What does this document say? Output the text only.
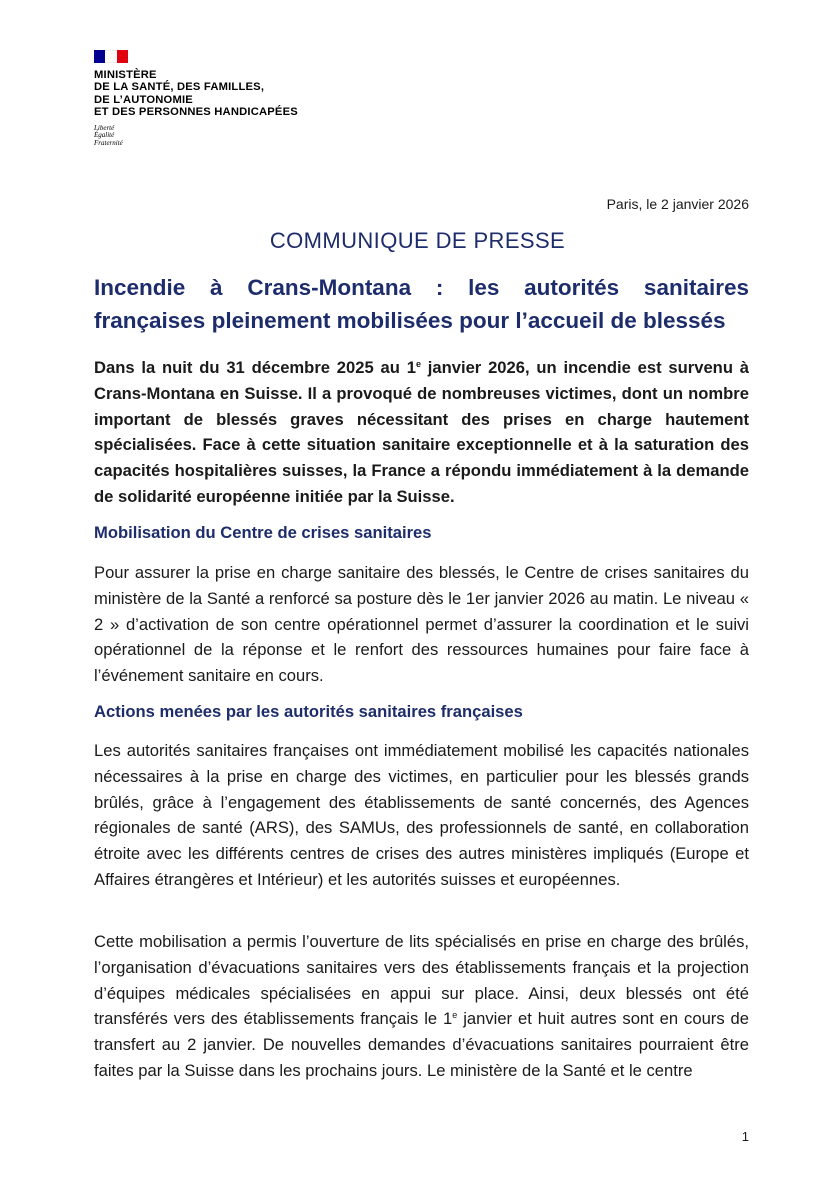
MINISTÈRE
DE LA SANTÉ, DES FAMILLES,
DE L’AUTONOMIE
ET DES PERSONNES HANDICAPÉES
Liberté
Égalité
Fraternité
Paris, le 2 janvier 2026
COMMUNIQUE DE PRESSE
Incendie à Crans-Montana : les autorités sanitaires
françaises pleinement mobilisées pour l’accueil de blessés
Dans la nuit du 31 décembre 2025 au 1e janvier 2026, un incendie est survenu à Crans-Montana en Suisse. Il a provoqué de nombreuses victimes, dont un nombre important de blessés graves nécessitant des prises en charge hautement spécialisées. Face à cette situation sanitaire exceptionnelle et à la saturation des capacités hospitalières suisses, la France a répondu immédiatement à la demande de solidarité européenne initiée par la Suisse.
Mobilisation du Centre de crises sanitaires
Pour assurer la prise en charge sanitaire des blessés, le Centre de crises sanitaires du ministère de la Santé a renforcé sa posture dès le 1er janvier 2026 au matin. Le niveau « 2 » d’activation de son centre opérationnel permet d’assurer la coordination et le suivi opérationnel de la réponse et le renfort des ressources humaines pour faire face à l’événement sanitaire en cours.
Actions menées par les autorités sanitaires françaises
Les autorités sanitaires françaises ont immédiatement mobilisé les capacités nationales nécessaires à la prise en charge des victimes, en particulier pour les blessés grands brûlés, grâce à l’engagement des établissements de santé concernés, des Agences régionales de santé (ARS), des SAMUs, des professionnels de santé, en collaboration étroite avec les différents centres de crises des autres ministères impliqués (Europe et Affaires étrangères et Intérieur) et les autorités suisses et européennes.
Cette mobilisation a permis l’ouverture de lits spécialisés en prise en charge des brûlés, l’organisation d’évacuations sanitaires vers des établissements français et la projection d’équipes médicales spécialisées en appui sur place. Ainsi, deux blessés ont été transférés vers des établissements français le 1e janvier et huit autres sont en cours de transfert au 2 janvier. De nouvelles demandes d’évacuations sanitaires pourraient être faites par la Suisse dans les prochains jours. Le ministère de la Santé et le centre
1
